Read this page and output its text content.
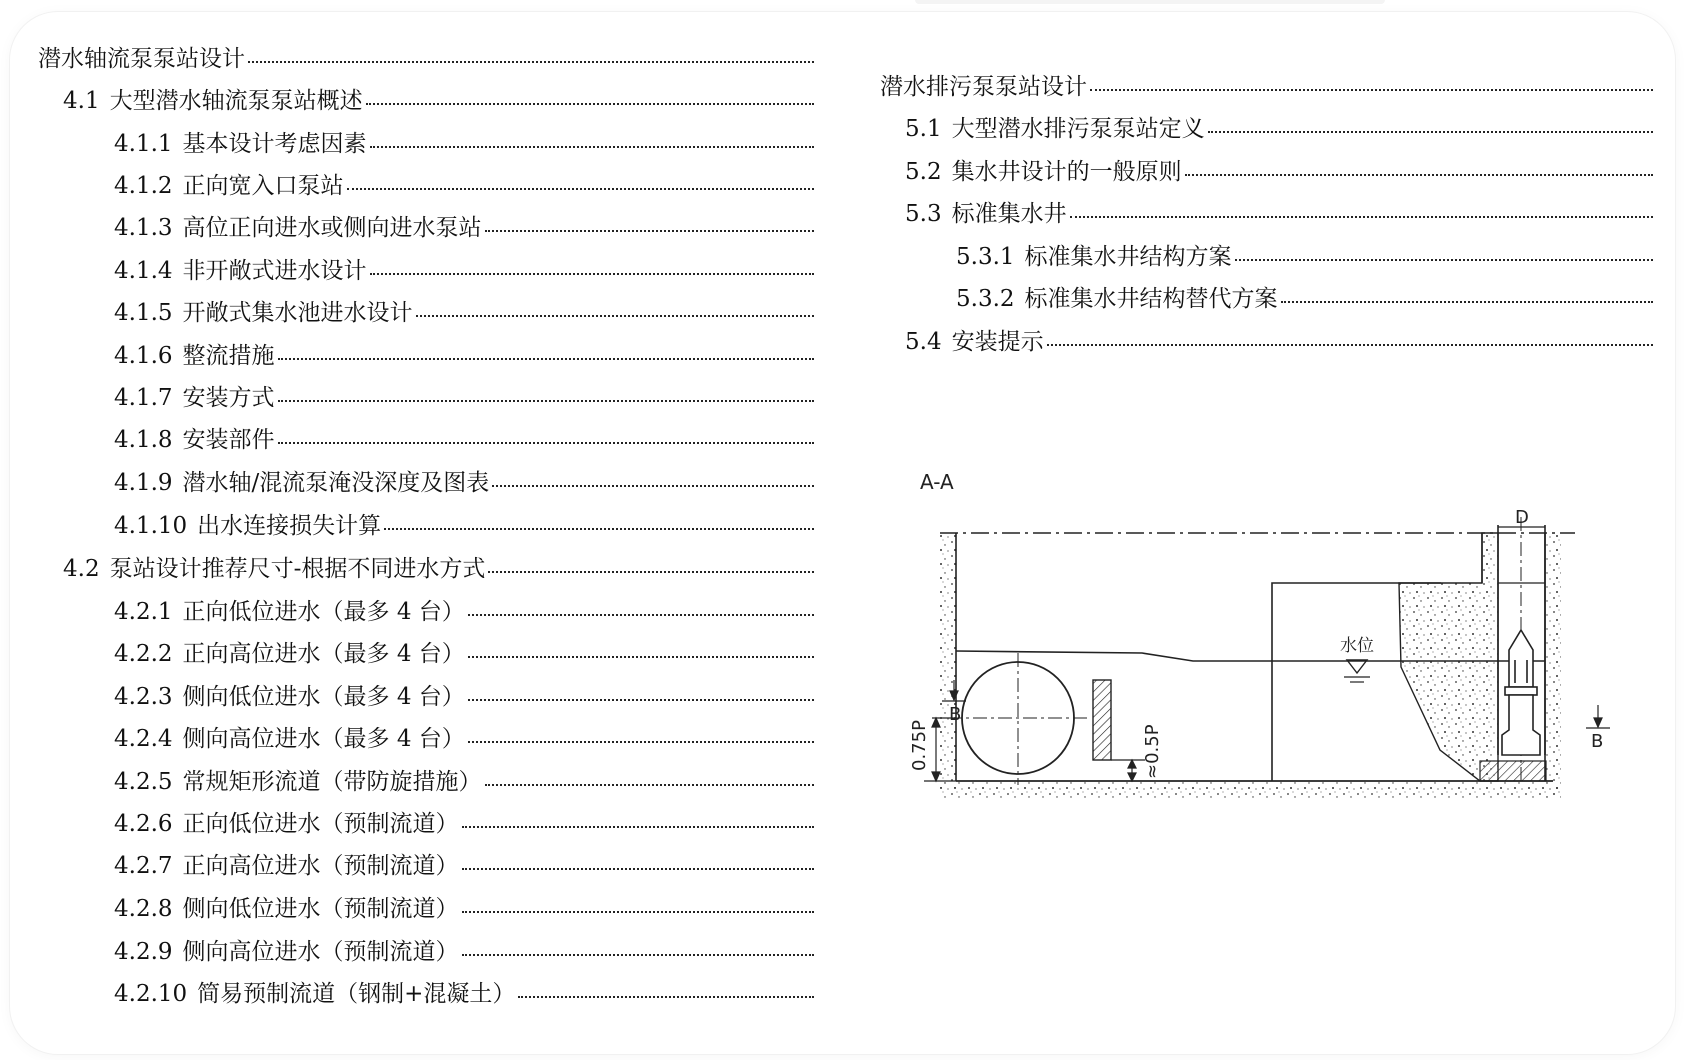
潜水轴流泵泵站设计
4.1 大型潜水轴流泵泵站概述
4.1.1 基本设计考虑因素
4.1.2 正向宽入口泵站
4.1.3 高位正向进水或侧向进水泵站
4.1.4 非开敞式进水设计
4.1.5 开敞式集水池进水设计
4.1.6 整流措施
4.1.7 安装方式
4.1.8 安装部件
4.1.9 潜水轴/混流泵淹没深度及图表
4.1.10 出水连接损失计算
4.2 泵站设计推荐尺寸-根据不同进水方式
4.2.1 正向低位进水（最多 4 台）
4.2.2 正向高位进水（最多 4 台）
4.2.3 侧向低位进水（最多 4 台）
4.2.4 侧向高位进水（最多 4 台）
4.2.5 常规矩形流道（带防旋措施）
4.2.6 正向低位进水（预制流道）
4.2.7 正向高位进水（预制流道）
4.2.8 侧向低位进水（预制流道）
4.2.9 侧向高位进水（预制流道）
4.2.10 简易预制流道（钢制+混凝土）
潜水排污泵泵站设计
5.1 大型潜水排污泵泵站定义
5.2 集水井设计的一般原则
5.3 标准集水井
5.3.1 标准集水井结构方案
5.3.2 标准集水井结构替代方案
5.4 安装提示
A-A
D
水位
B
0.75P	≈0.5P	B
